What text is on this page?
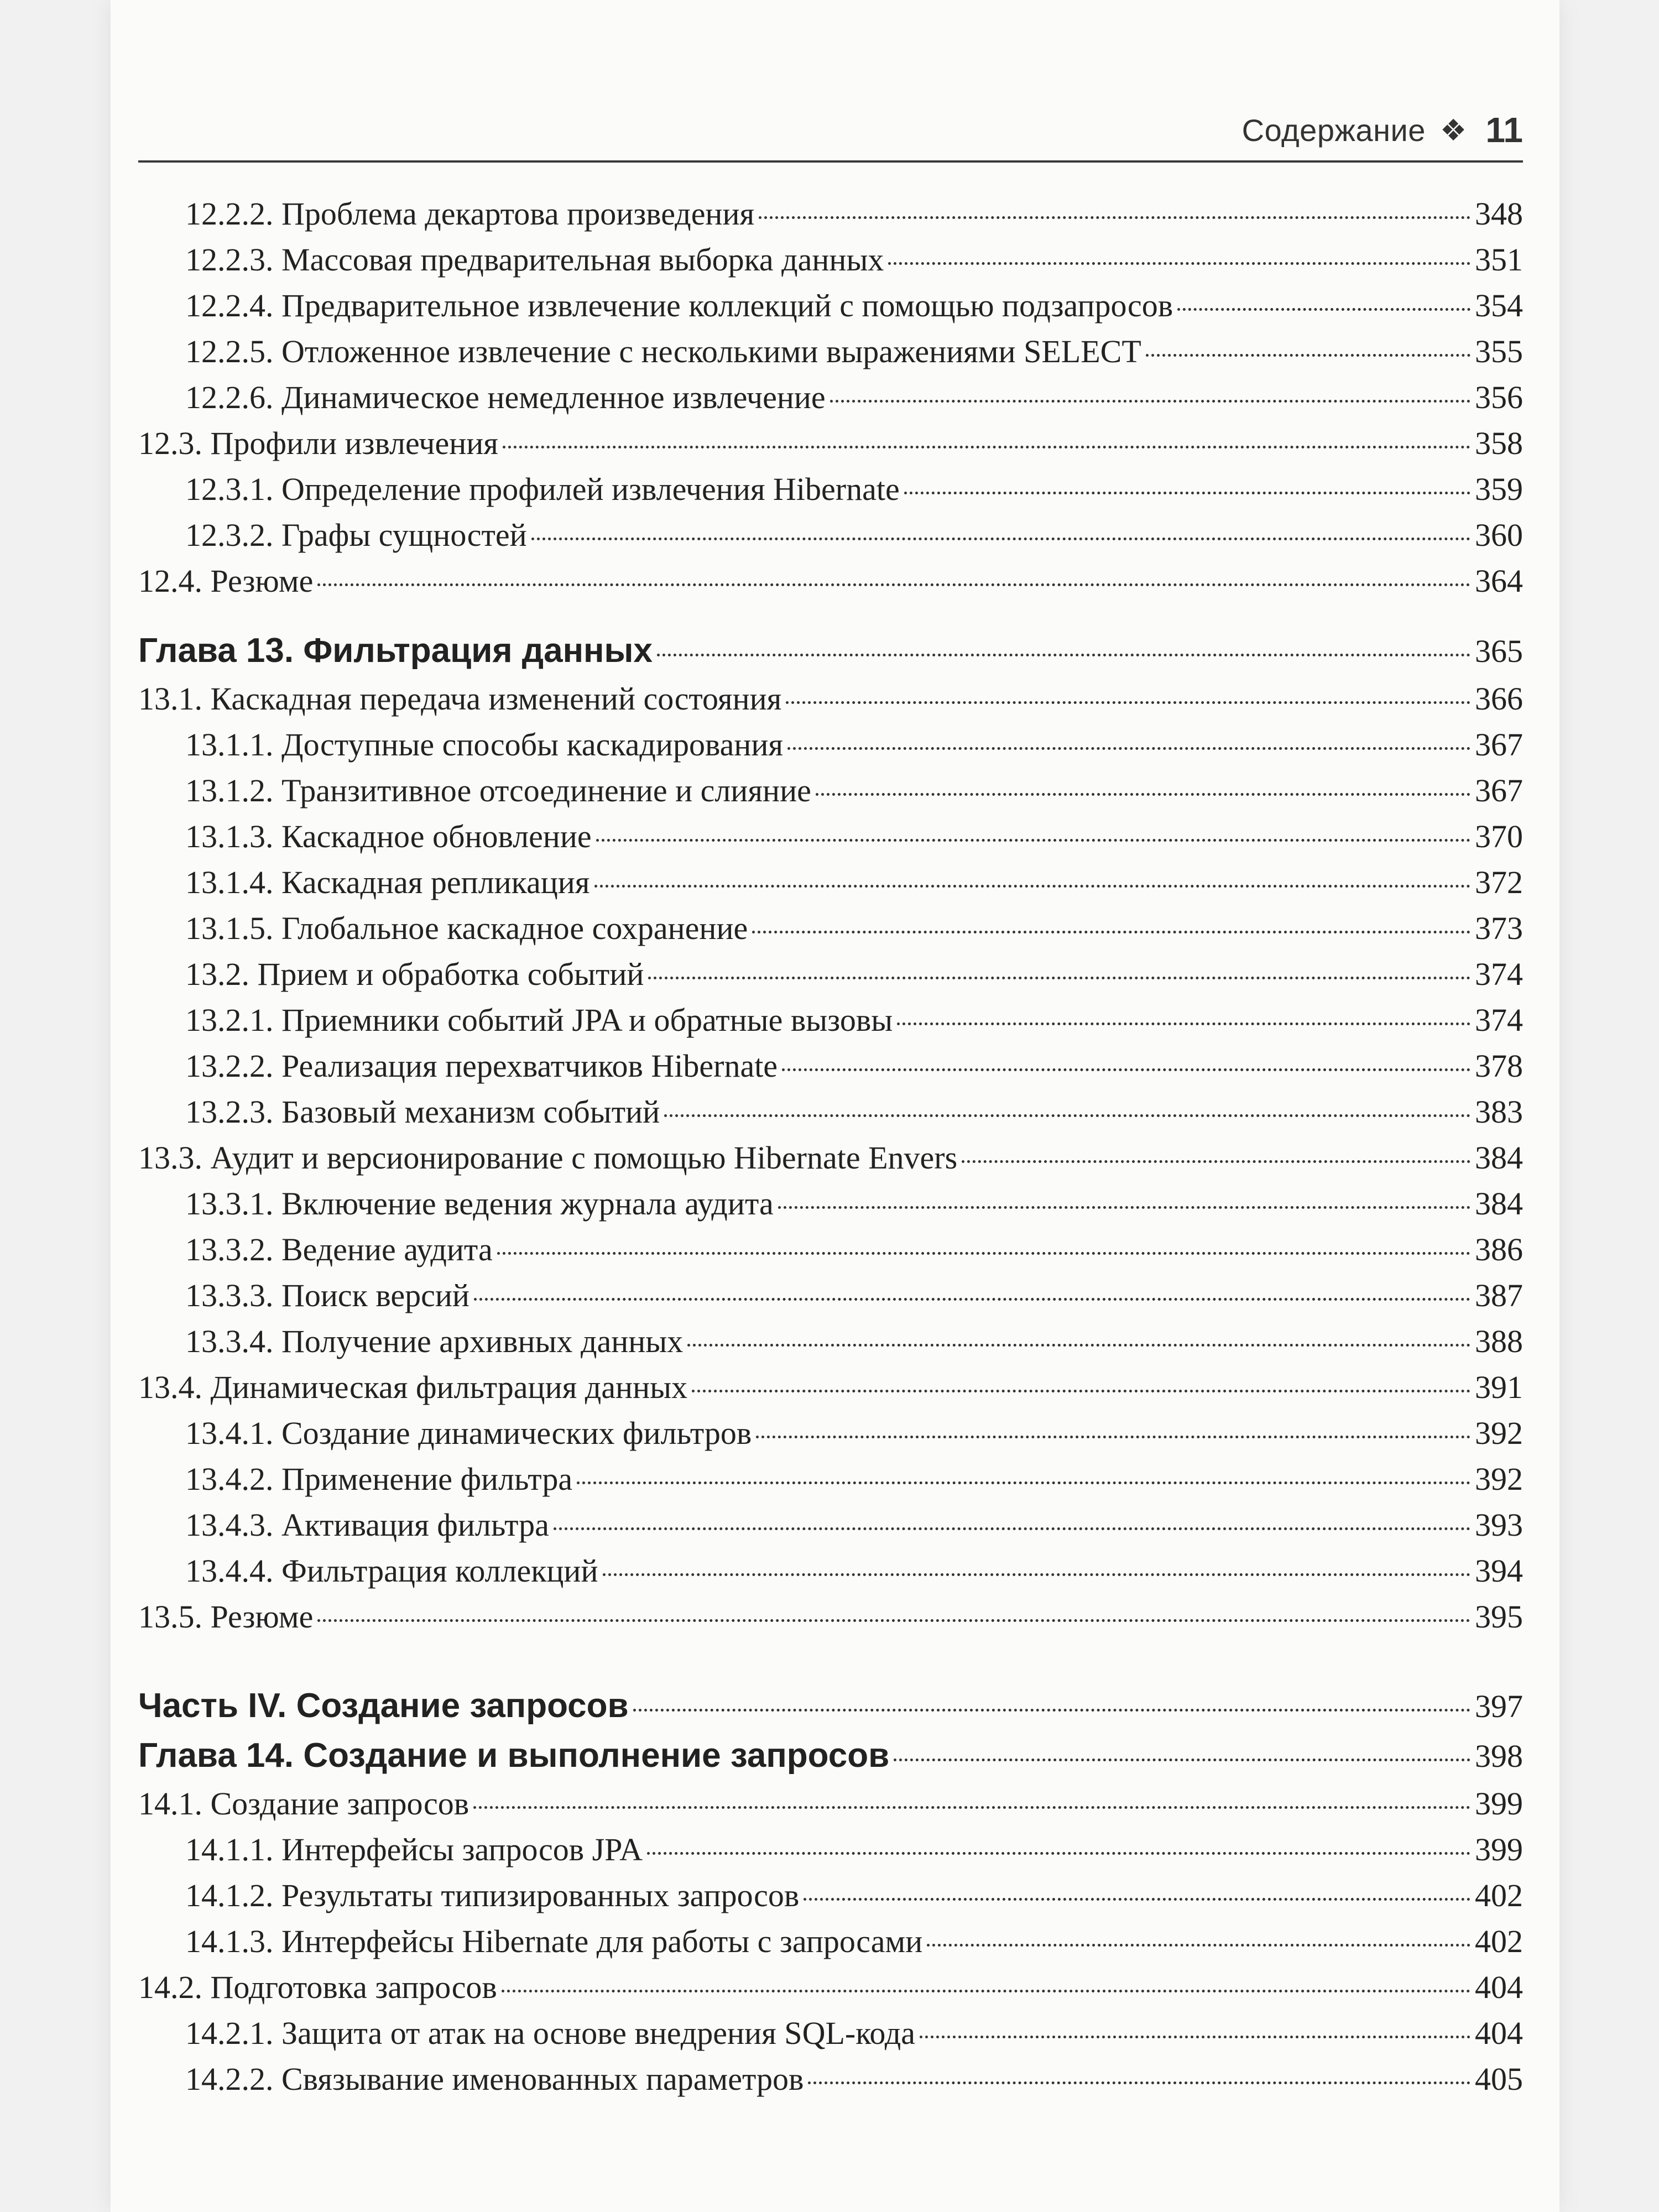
Содержание ❖ 11
12.2.2. Проблема декартова произведения	348
12.2.3. Массовая предварительная выборка данных	351
12.2.4. Предварительное извлечение коллекций с помощью подзапросов	354
12.2.5. Отложенное извлечение с несколькими выражениями SELECT	355
12.2.6. Динамическое немедленное извлечение	356
12.3. Профили извлечения	358
12.3.1. Определение профилей извлечения Hibernate	359
12.3.2. Графы сущностей	360
12.4. Резюме	364
Глава 13. Фильтрация данных	365
13.1. Каскадная передача изменений состояния	366
13.1.1. Доступные способы каскадирования	367
13.1.2. Транзитивное отсоединение и слияние	367
13.1.3. Каскадное обновление	370
13.1.4. Каскадная репликация	372
13.1.5. Глобальное каскадное сохранение	373
13.2. Прием и обработка событий	374
13.2.1. Приемники событий JPA и обратные вызовы	374
13.2.2. Реализация перехватчиков Hibernate	378
13.2.3. Базовый механизм событий	383
13.3. Аудит и версионирование с помощью Hibernate Envers	384
13.3.1. Включение ведения журнала аудита	384
13.3.2. Ведение аудита	386
13.3.3. Поиск версий	387
13.3.4. Получение архивных данных	388
13.4. Динамическая фильтрация данных	391
13.4.1. Создание динамических фильтров	392
13.4.2. Применение фильтра	392
13.4.3. Активация фильтра	393
13.4.4. Фильтрация коллекций	394
13.5. Резюме	395
Часть IV. Создание запросов	397
Глава 14. Создание и выполнение запросов	398
14.1. Создание запросов	399
14.1.1. Интерфейсы запросов JPA	399
14.1.2. Результаты типизированных запросов	402
14.1.3. Интерфейсы Hibernate для работы с запросами	402
14.2. Подготовка запросов	404
14.2.1. Защита от атак на основе внедрения SQL-кода	404
14.2.2. Связывание именованных параметров	405
